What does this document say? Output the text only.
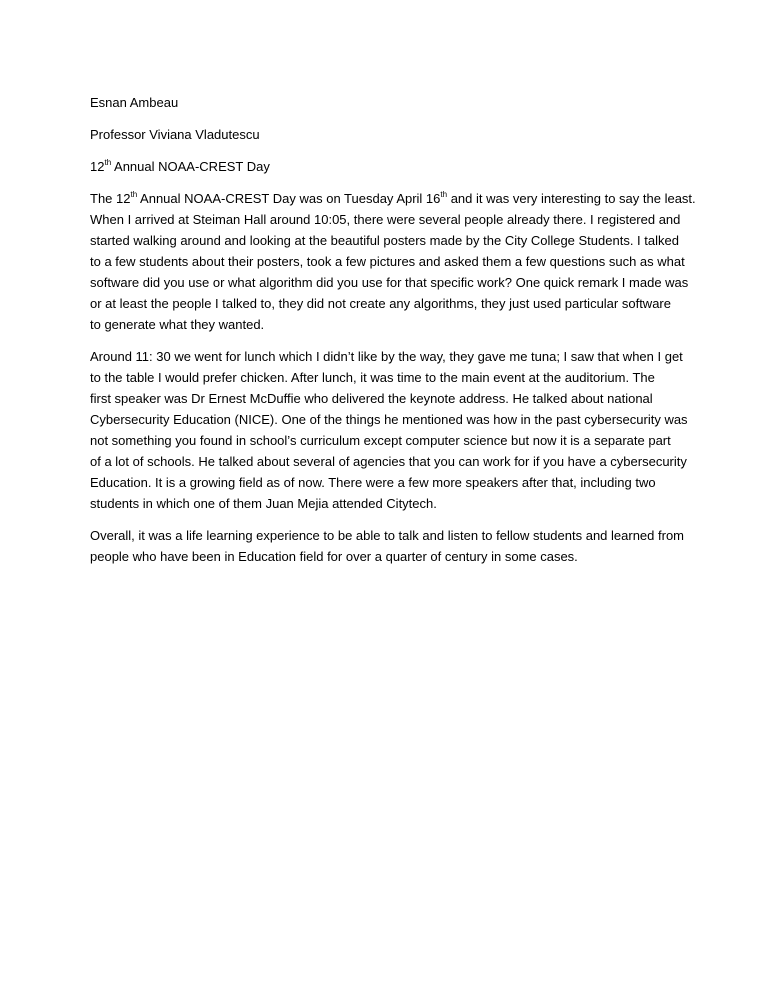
Esnan Ambeau

Professor Viviana Vladutescu

12th Annual NOAA-CREST Day

The 12th Annual NOAA-CREST Day was on Tuesday April 16th and it was very interesting to say the least.
When I arrived at Steiman Hall around 10:05, there were several people already there. I registered and
started walking around and looking at the beautiful posters made by the City College Students. I talked
to a few students about their posters, took a few pictures and asked them a few questions such as what
software did you use or what algorithm did you use for that specific work? One quick remark I made was
or at least the people I talked to, they did not create any algorithms, they just used particular software
to generate what they wanted.

Around 11: 30 we went for lunch which I didn’t like by the way, they gave me tuna; I saw that when I get
to the table I would prefer chicken. After lunch, it was time to the main event at the auditorium. The
first speaker was Dr Ernest McDuffie who delivered the keynote address. He talked about national
Cybersecurity Education (NICE). One of the things he mentioned was how in the past cybersecurity was
not something you found in school’s curriculum except computer science but now it is a separate part
of a lot of schools. He talked about several of agencies that you can work for if you have a cybersecurity
Education. It is a growing field as of now. There were a few more speakers after that, including two
students in which one of them Juan Mejia attended Citytech.

Overall, it was a life learning experience to be able to talk and listen to fellow students and learned from
people who have been in Education field for over a quarter of century in some cases.
